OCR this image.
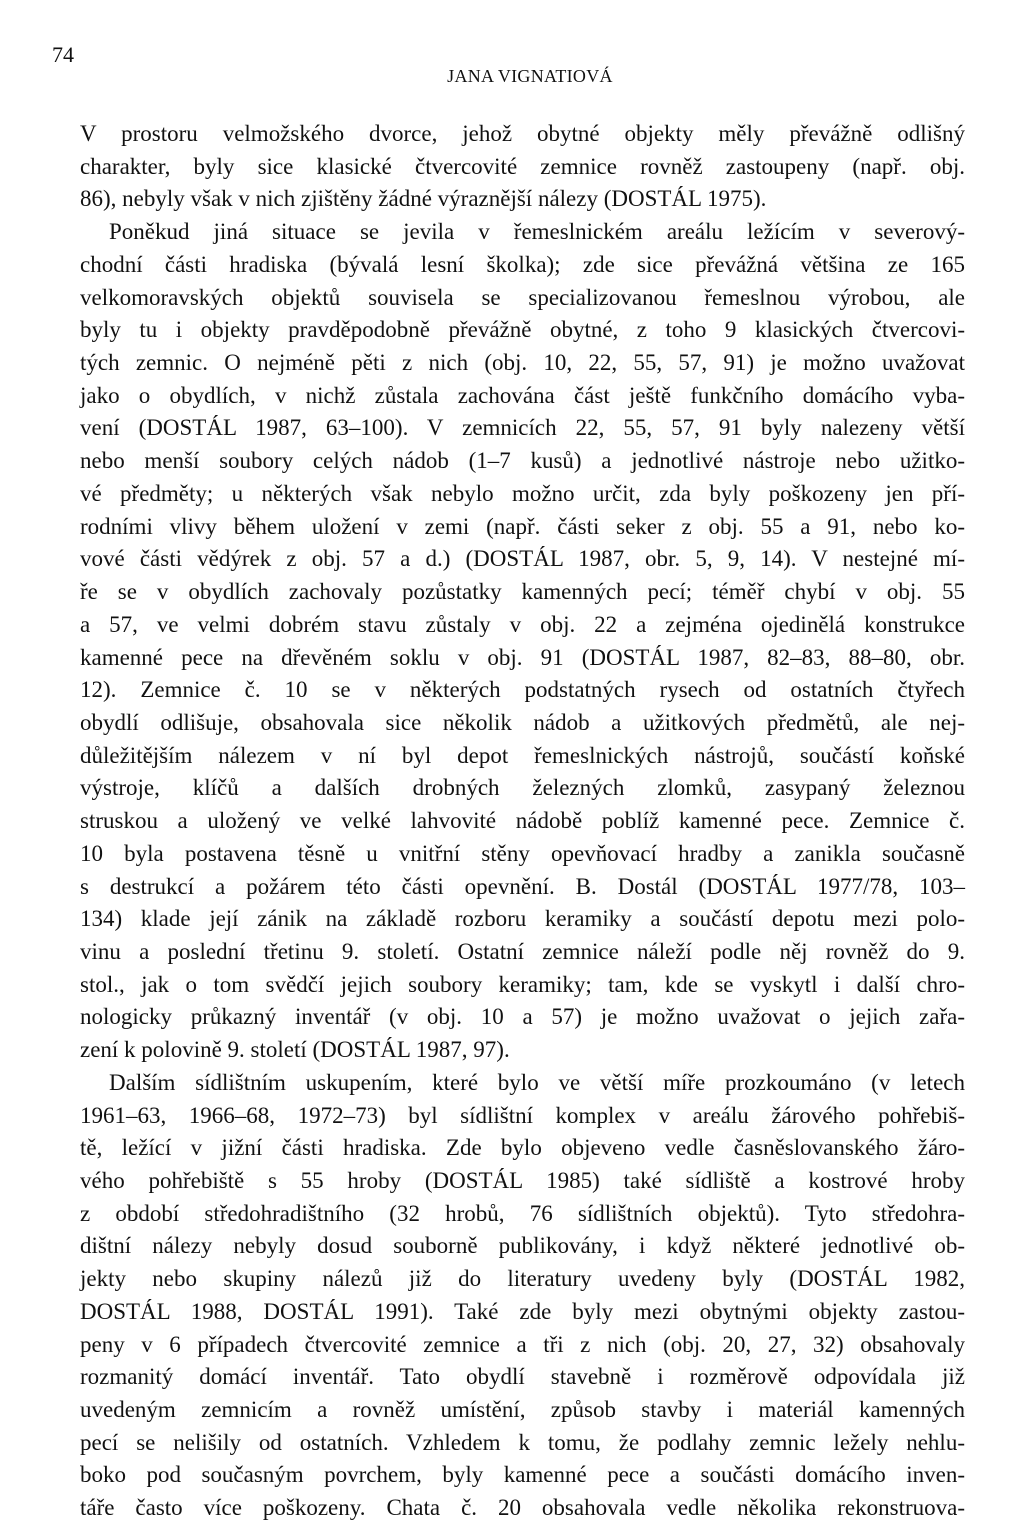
74
JANA VIGNATIOVÁ
V prostoru velmožského dvorce, jehož obytné objekty měly převážně odlišný
charakter, byly sice klasické čtvercovité zemnice rovněž zastoupeny (např. obj.
86), nebyly však v nich zjištěny žádné výraznější nálezy (DOSTÁL 1975).
Poněkud jiná situace se jevila v řemeslnickém areálu ležícím v severový-
chodní části hradiska (bývalá lesní školka); zde sice převážná většina ze 165
velkomoravských objektů souvisela se specializovanou řemeslnou výrobou, ale
byly tu i objekty pravděpodobně převážně obytné, z toho 9 klasických čtvercovi-
tých zemnic. O nejméně pěti z nich (obj. 10, 22, 55, 57, 91) je možno uvažovat
jako o obydlích, v nichž zůstala zachována část ještě funkčního domácího vyba-
vení (DOSTÁL 1987, 63–100). V zemnicích 22, 55, 57, 91 byly nalezeny větší
nebo menší soubory celých nádob (1–7 kusů) a jednotlivé nástroje nebo užitko-
vé předměty; u některých však nebylo možno určit, zda byly poškozeny jen pří-
rodními vlivy během uložení v zemi (např. části seker z obj. 55 a 91, nebo ko-
vové části vědýrek z obj. 57 a d.) (DOSTÁL 1987, obr. 5, 9, 14). V nestejné mí-
ře se v obydlích zachovaly pozůstatky kamenných pecí; téměř chybí v obj. 55
a 57, ve velmi dobrém stavu zůstaly v obj. 22 a zejména ojedinělá konstrukce
kamenné pece na dřevěném soklu v obj. 91 (DOSTÁL 1987, 82–83, 88–80, obr.
12). Zemnice č. 10 se v některých podstatných rysech od ostatních čtyřech
obydlí odlišuje, obsahovala sice několik nádob a užitkových předmětů, ale nej-
důležitějším nálezem v ní byl depot řemeslnických nástrojů, součástí koňské
výstroje, klíčů a dalších drobných železných zlomků, zasypaný železnou
struskou a uložený ve velké lahvovité nádobě poblíž kamenné pece. Zemnice č.
10 byla postavena těsně u vnitřní stěny opevňovací hradby a zanikla současně
s destrukcí a požárem této části opevnění. B. Dostál (DOSTÁL 1977/78, 103–
134) klade její zánik na základě rozboru keramiky a součástí depotu mezi polo-
vinu a poslední třetinu 9. století. Ostatní zemnice náleží podle něj rovněž do 9.
stol., jak o tom svědčí jejich soubory keramiky; tam, kde se vyskytl i další chro-
nologicky průkazný inventář (v obj. 10 a 57) je možno uvažovat o jejich zařa-
zení k polovině 9. století (DOSTÁL 1987, 97).
Dalším sídlištním uskupením, které bylo ve větší míře prozkoumáno (v letech
1961–63, 1966–68, 1972–73) byl sídlištní komplex v areálu žárového pohřebiš-
tě, ležící v jižní části hradiska. Zde bylo objeveno vedle časněslovanského žáro-
vého pohřebiště s 55 hroby (DOSTÁL 1985) také sídliště a kostrové hroby
z období středohradištního (32 hrobů, 76 sídlištních objektů). Tyto středohra-
dištní nálezy nebyly dosud souborně publikovány, i když některé jednotlivé ob-
jekty nebo skupiny nálezů již do literatury uvedeny byly (DOSTÁL 1982,
DOSTÁL 1988, DOSTÁL 1991). Také zde byly mezi obytnými objekty zastou-
peny v 6 případech čtvercovité zemnice a tři z nich (obj. 20, 27, 32) obsahovaly
rozmanitý domácí inventář. Tato obydlí stavebně i rozměrově odpovídala již
uvedeným zemnicím a rovněž umístění, způsob stavby i materiál kamenných
pecí se nelišily od ostatních. Vzhledem k tomu, že podlahy zemnic ležely nehlu-
boko pod současným povrchem, byly kamenné pece a součásti domácího inven-
táře často více poškozeny. Chata č. 20 obsahovala vedle několika rekonstruova-
